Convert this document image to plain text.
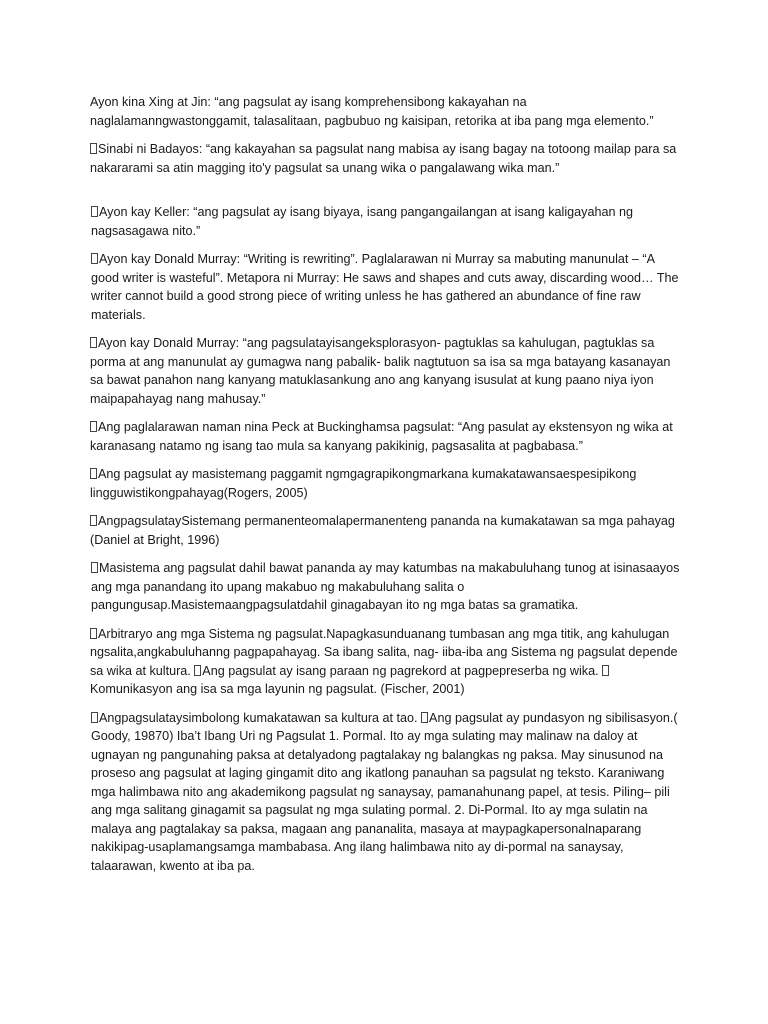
Ayon kina Xing at Jin: “ang pagsulat ay isang komprehensibong kakayahan na naglalamanngwastonggamit, talasalitaan, pagbubuo ng kaisipan, retorika at iba pang mga elemento.”

Sinabi ni Badayos: “ang kakayahan sa pagsulat nang mabisa ay isang bagay na totoong mailap para sa nakararami sa atin magging ito'y pagsulat sa unang wika o pangalawang wika man.”

Ayon kay Keller: “ang pagsulat ay isang biyaya, isang pangangailangan at isang kaligayahan ng nagsasagawa nito.”

Ayon kay Donald Murray: “Writing is rewriting”. Paglalarawan ni Murray sa mabuting manunulat – “A good writer is wasteful”. Metapora ni Murray: He saws and shapes and cuts away, discarding wood… The writer cannot build a good strong piece of writing unless he has gathered an abundance of fine raw materials.

Ayon kay Donald Murray: “ang pagsulatayisangeksplorasyon- pagtuklas sa kahulugan, pagtuklas sa porma at ang manunulat ay gumagwa nang pabalik- balik nagtutuon sa isa sa mga batayang kasanayan sa bawat panahon nang kanyang matuklasankung ano ang kanyang isusulat at kung paano niya iyon maipapahayag nang mahusay.”

Ang paglalarawan naman nina Peck at Buckinghamsa pagsulat: “Ang pasulat ay ekstensyon ng wika at karanasang natamo ng isang tao mula sa kanyang pakikinig, pagsasalita at pagbabasa.”

Ang pagsulat ay masistemang paggamit ngmgagrapikongmarkana kumakatawansaespesipikong lingguwistikongpahayag(Rogers, 2005)

AngpagsulataySistemang permanenteomalapermanenteng pananda na kumakatawan sa mga pahayag (Daniel at Bright, 1996)

Masistema ang pagsulat dahil bawat pananda ay may katumbas na makabuluhang tunog at isinasaayos ang mga panandang ito upang makabuo ng makabuluhang salita o pangungusap.Masistemaangpagsulatdahil ginagabayan ito ng mga batas sa gramatika.

Arbitraryo ang mga Sistema ng pagsulat.Napagkasunduanang tumbasan ang mga titik, ang kahulugan ngsalita,angkabuluhanng pagpapahayag. Sa ibang salita, nag- iiba-iba ang Sistema ng pagsulat depende sa wika at kultura. Ang pagsulat ay isang paraan ng pagrekord at pagpepreserba ng wika. Komunikasyon ang isa sa mga layunin ng pagsulat. (Fischer, 2001)

Angpagsulataysimbolong kumakatawan sa kultura at tao. Ang pagsulat ay pundasyon ng sibilisasyon.( Goody, 19870) Iba’t Ibang Uri ng Pagsulat 1. Pormal. Ito ay mga sulating may malinaw na daloy at ugnayan ng pangunahing paksa at detalyadong pagtalakay ng balangkas ng paksa. May sinusunod na proseso ang pagsulat at laging gingamit dito ang ikatlong panauhan sa pagsulat ng teksto. Karaniwang mga halimbawa nito ang akademikong pagsulat ng sanaysay, pamanahunang papel, at tesis. Piling– pili ang mga salitang ginagamit sa pagsulat ng mga sulating pormal. 2. Di-Pormal. Ito ay mga sulatin na malaya ang pagtalakay sa paksa, magaan ang pananalita, masaya at maypagkapersonalnaparang nakikipag-usaplamangsamga mambabasa. Ang ilang halimbawa nito ay di-pormal na sanaysay, talaarawan, kwento at iba pa.
